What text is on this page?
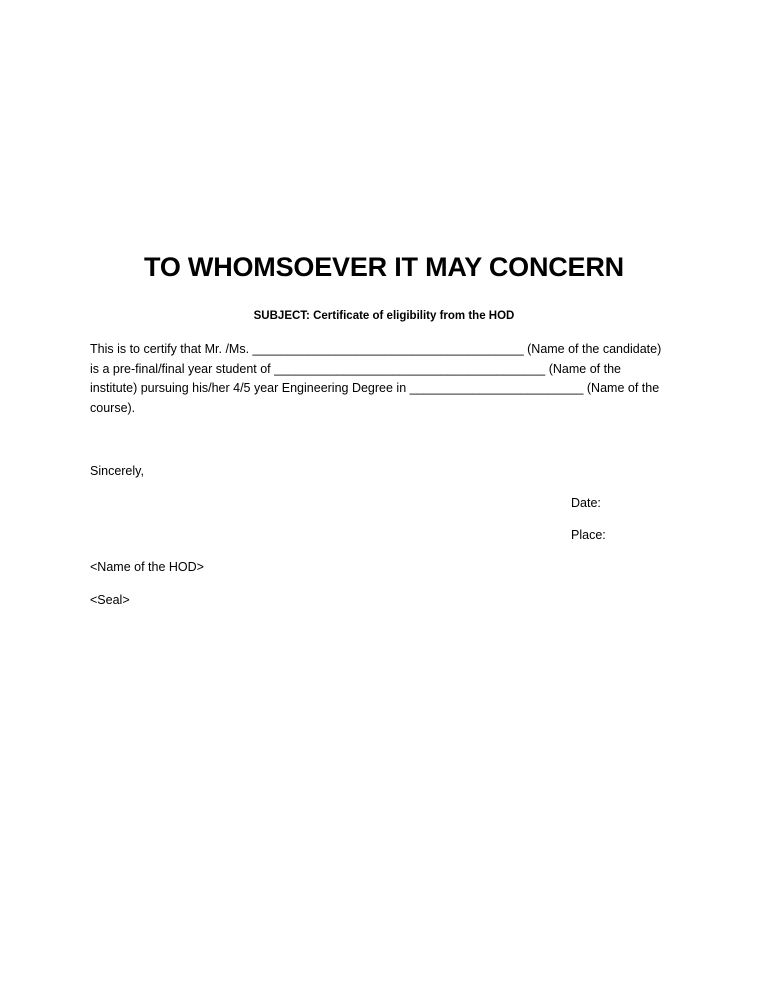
TO WHOMSOEVER IT MAY CONCERN

SUBJECT: Certificate of eligibility from the HOD

This is to certify that Mr. /Ms. _______________________________________ (Name of the candidate)
is a pre-final/final year student of _______________________________________ (Name of the
institute) pursuing his/her 4/5 year Engineering Degree in _________________________ (Name of the
course).

Sincerely,

Date:

Place:

<Name of the HOD>

<Seal>
